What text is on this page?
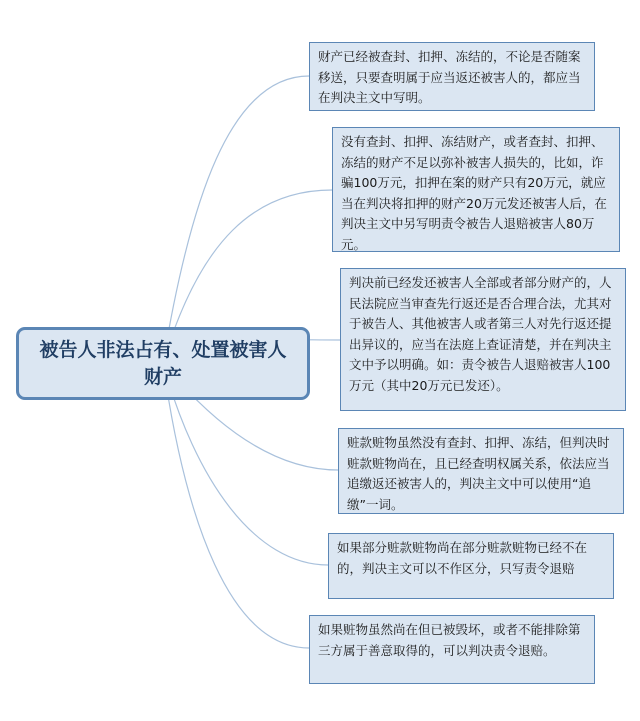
被告人非法占有、处置被害人财产
财产已经被查封、扣押、冻结的，不论是否随案移送，只要查明属于应当返还被害人的，都应当在判决主文中写明。
没有查封、扣押、冻结财产，或者查封、扣押、冻结的财产不足以弥补被害人损失的，比如，诈骗100万元，扣押在案的财产只有20万元，就应当在判决将扣押的财产20万元发还被害人后，在判决主文中另写明责令被告人退赔被害人80万元。
判决前已经发还被害人全部或者部分财产的，人民法院应当审查先行返还是否合理合法，尤其对于被告人、其他被害人或者第三人对先行返还提出异议的，应当在法庭上查证清楚，并在判决主文中予以明确。如：责令被告人退赔被害人100万元（其中20万元已发还）。
赃款赃物虽然没有查封、扣押、冻结，但判决时赃款赃物尚在，且已经查明权属关系，依法应当追缴返还被害人的，判决主文中可以使用“追缴”一词。
如果部分赃款赃物尚在部分赃款赃物已经不在的，判决主文可以不作区分，只写责令退赔
如果赃物虽然尚在但已被毁坏，或者不能排除第三方属于善意取得的，可以判决责令退赔。
